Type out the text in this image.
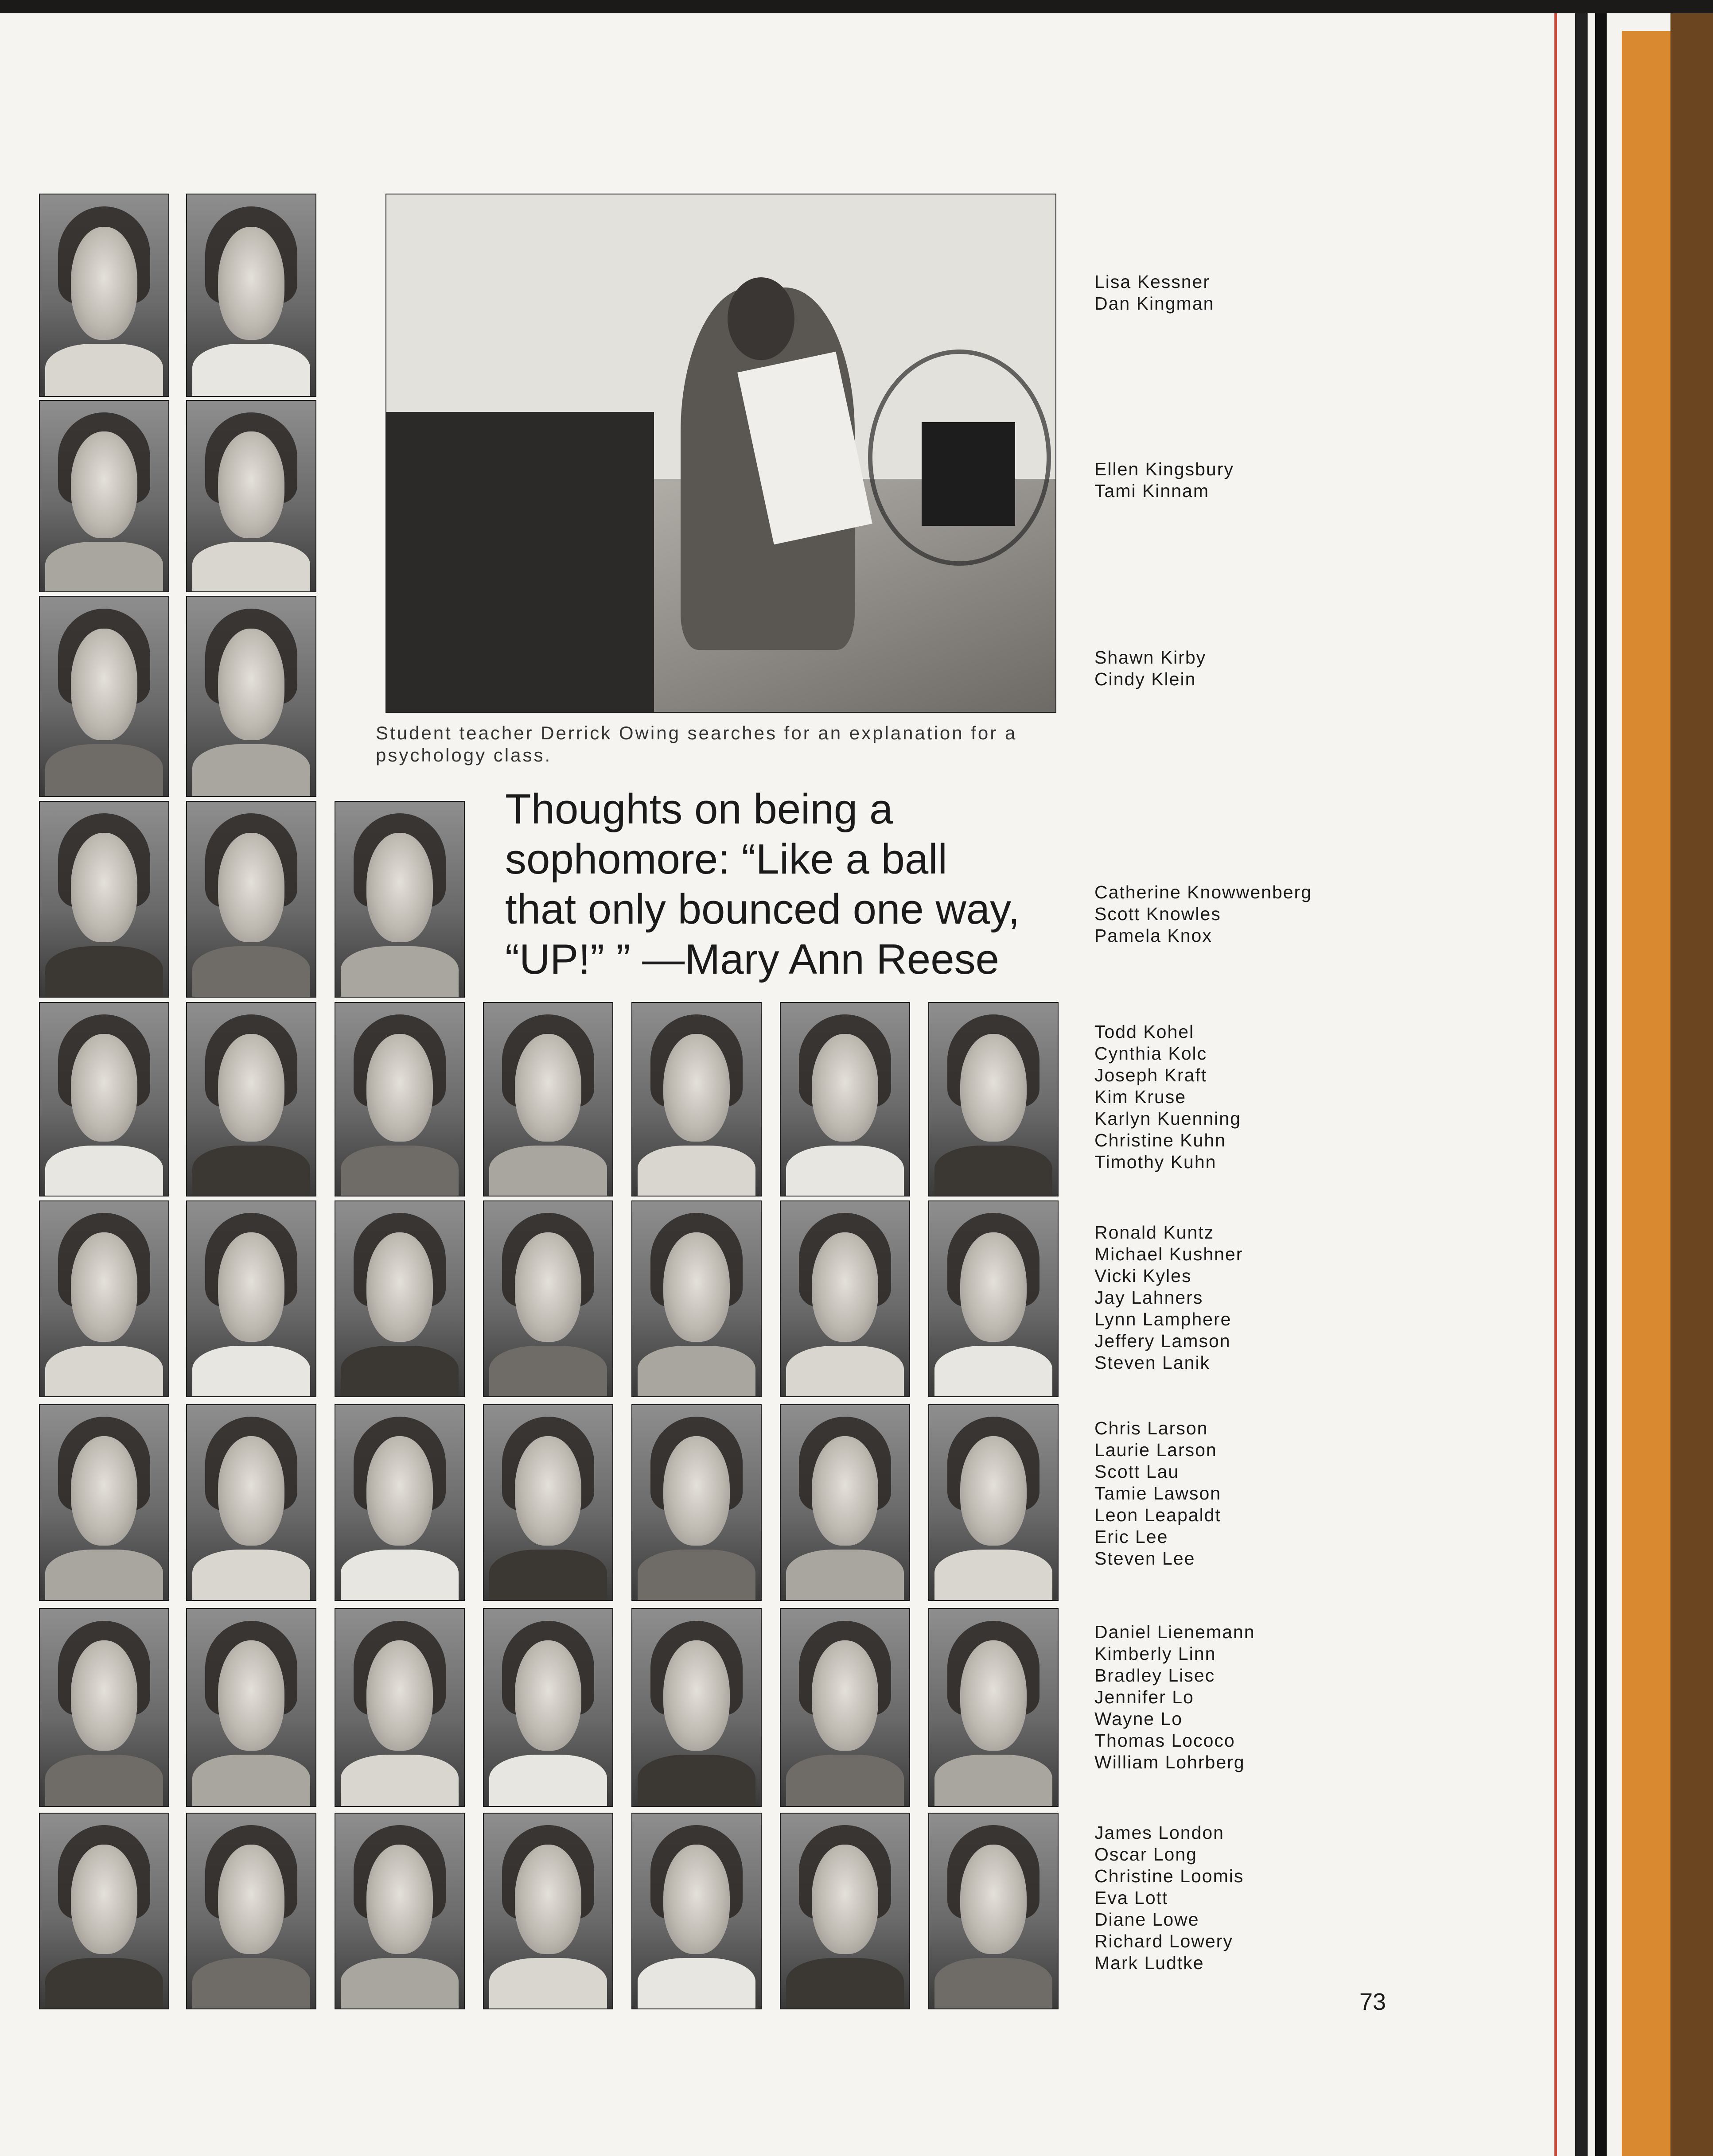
Student teacher Derrick Owing searches for an explanation for a psychology class.
Thoughts on being a
sophomore: “Like a ball
that only bounced one way,
“UP!” ” —Mary Ann Reese
Lisa Kessner
Dan Kingman
Ellen Kingsbury
Tami Kinnam
Shawn Kirby
Cindy Klein
Catherine Knowwenberg
Scott Knowles
Pamela Knox
Todd Kohel
Cynthia Kolc
Joseph Kraft
Kim Kruse
Karlyn Kuenning
Christine Kuhn
Timothy Kuhn
Ronald Kuntz
Michael Kushner
Vicki Kyles
Jay Lahners
Lynn Lamphere
Jeffery Lamson
Steven Lanik
Chris Larson
Laurie Larson
Scott Lau
Tamie Lawson
Leon Leapaldt
Eric Lee
Steven Lee
Daniel Lienemann
Kimberly Linn
Bradley Lisec
Jennifer Lo
Wayne Lo
Thomas Lococo
William Lohrberg
James London
Oscar Long
Christine Loomis
Eva Lott
Diane Lowe
Richard Lowery
Mark Ludtke
73
